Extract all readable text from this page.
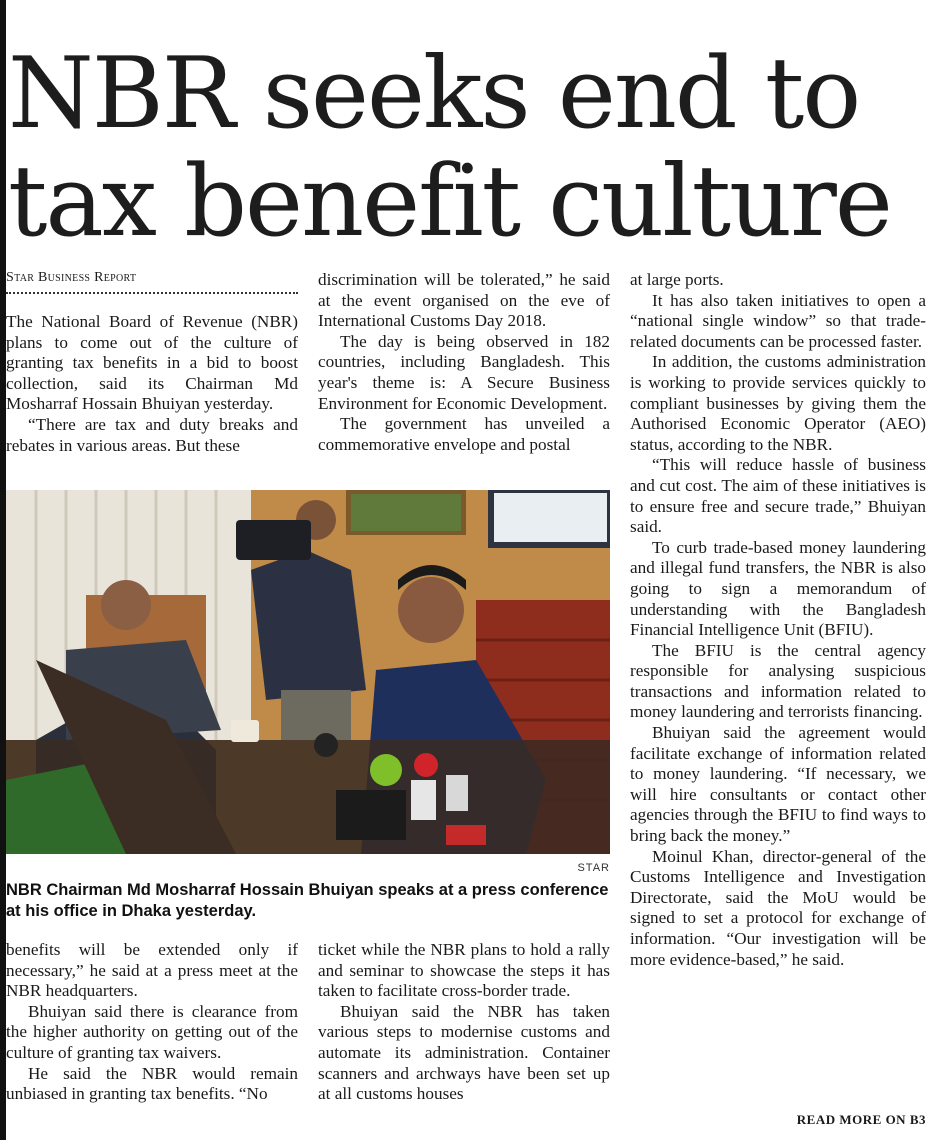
NBR seeks end to tax benefit culture
Star Business Report

The National Board of Revenue (NBR) plans to come out of the culture of granting tax benefits in a bid to boost collection, said its Chairman Md Mosharraf Hossain Bhuiyan yesterday.

“There are tax and duty breaks and rebates in various areas. But these

discrimination will be tolerated,” he said at the event organised on the eve of International Customs Day 2018.

The day is being observed in 182 countries, including Bangladesh. This year's theme is: A Secure Business Environment for Economic Development.

The government has unveiled a commemorative envelope and postal

at large ports.

It has also taken initiatives to open a “national single window” so that trade-related documents can be processed faster.

In addition, the customs administration is working to provide services quickly to compliant businesses by giving them the Authorised Economic Operator (AEO) status, according to the NBR.

“This will reduce hassle of business and cut cost. The aim of these initiatives is to ensure free and secure trade,” Bhuiyan said.

To curb trade-based money laundering and illegal fund transfers, the NBR is also going to sign a memorandum of understanding with the Bangladesh Financial Intelligence Unit (BFIU).

The BFIU is the central agency responsible for analysing suspicious transactions and information related to money laundering and terrorists financing.

Bhuiyan said the agreement would facilitate exchange of information related to money laundering. “If necessary, we will hire consultants or contact other agencies through the BFIU to find ways to bring back the money.”

Moinul Khan, director-general of the Customs Intelligence and Investigation Directorate, said the MoU would be signed to set a protocol for exchange of information. “Our investigation will be more evidence-based,” he said.

STAR
NBR Chairman Md Mosharraf Hossain Bhuiyan speaks at a press conference at his office in Dhaka yesterday.

benefits will be extended only if necessary,” he said at a press meet at the NBR headquarters.

Bhuiyan said there is clearance from the higher authority on getting out of the culture of granting tax waivers.

He said the NBR would remain unbiased in granting tax benefits. “No

ticket while the NBR plans to hold a rally and seminar to showcase the steps it has taken to facilitate cross-border trade.

Bhuiyan said the NBR has taken various steps to modernise customs and automate its administration. Container scanners and archways have been set up at all customs houses

READ MORE ON B3
